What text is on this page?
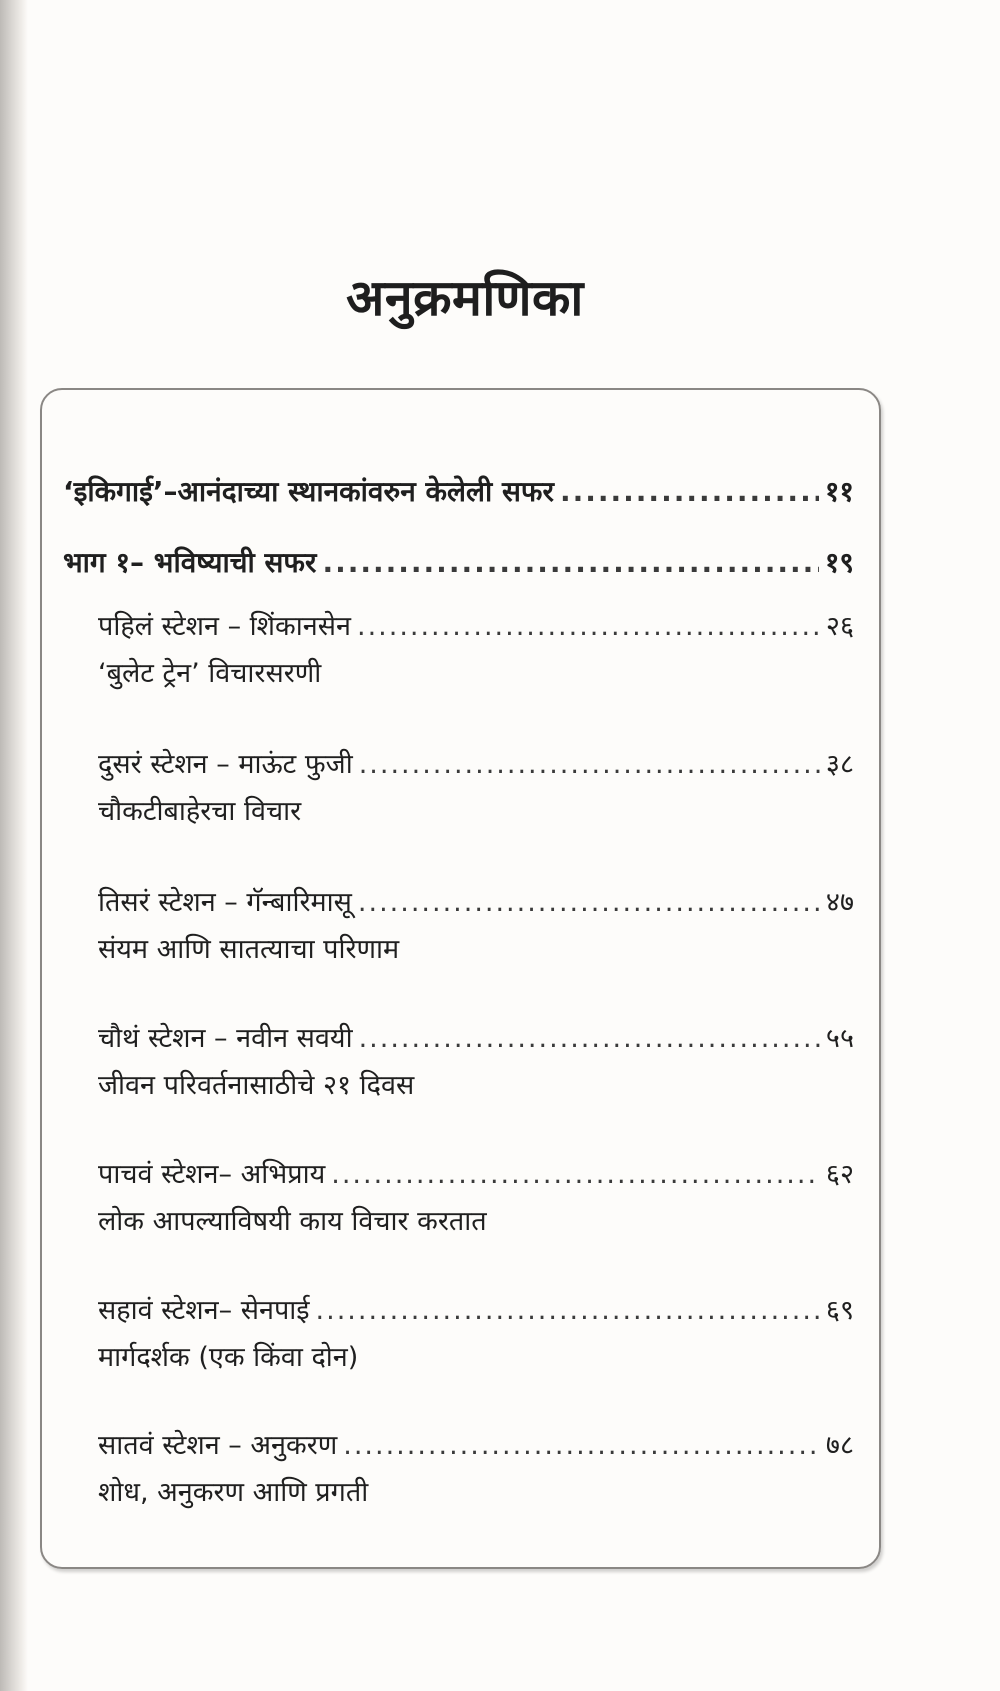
अनुक्रमणिका
‘इकिगाई’–आनंदाच्या स्थानकांवरुन केलेली सफर .....	११
भाग १– भविष्याची सफर .....	१९
पहिलं स्टेशन – शिंकानसेन .....	२६
‘बुलेट ट्रेन’ विचारसरणी
दुसरं स्टेशन – माऊंट फुजी .....	३८
चौकटीबाहेरचा विचार
तिसरं स्टेशन – गॅन्बारिमासू .....	४७
संयम आणि सातत्याचा परिणाम
चौथं स्टेशन – नवीन सवयी .....	५५
जीवन परिवर्तनासाठीचे २१ दिवस
पाचवं स्टेशन– अभिप्राय .....	६२
लोक आपल्याविषयी काय विचार करतात
सहावं स्टेशन– सेनपाई .....	६९
मार्गदर्शक (एक किंवा दोन)
सातवं स्टेशन – अनुकरण .....	७८
शोध, अनुकरण आणि प्रगती
